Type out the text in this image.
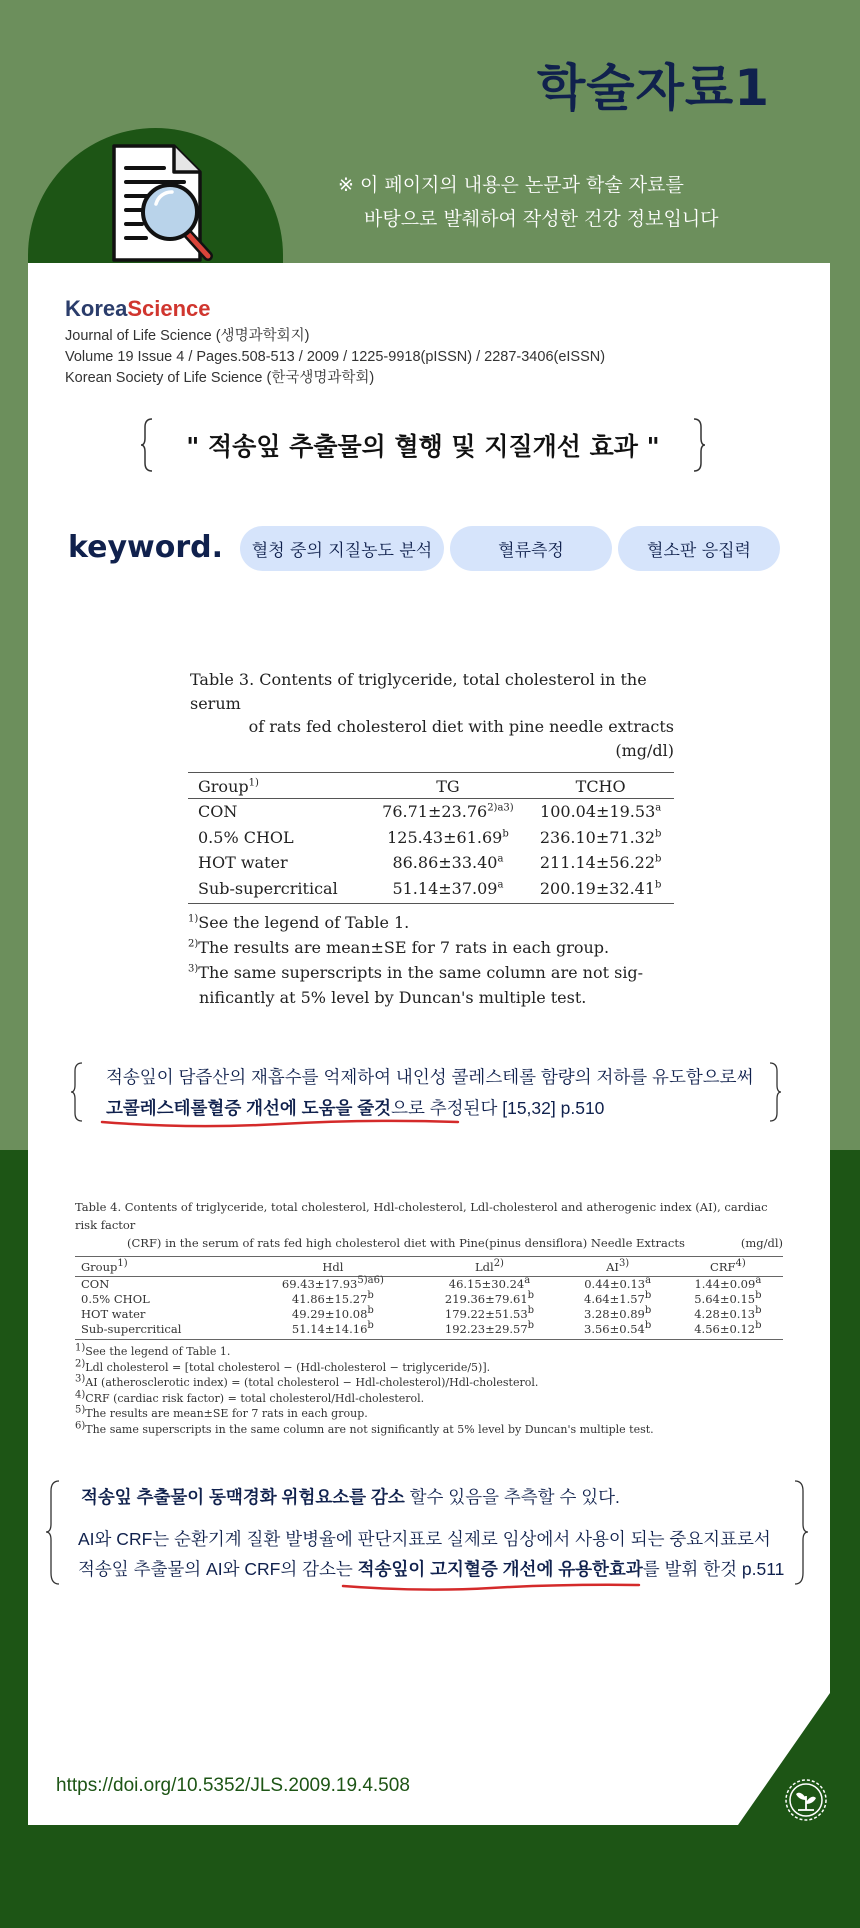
학술자료1
※ 이 페이지의 내용은 논문과 학술 자료를
바탕으로 발췌하여 작성한 건강 정보입니다
KoreaScience
Journal of Life Science (생명과학회지)
Volume 19 Issue 4 / Pages.508-513 / 2009 / 1225-9918(pISSN) / 2287-3406(eISSN)
Korean Society of Life Science (한국생명과학회)
" 적송잎 추출물의 혈행 및 지질개선 효과 "
keyword.	혈청 중의 지질농도 분석	혈류측정	혈소판 응집력
Table 3. Contents of triglyceride, total cholesterol in the serum
of rats fed cholesterol diet with pine needle extracts
(mg/dl)
Group$^{1)}$	TG	TCHO
CON	$76.71\pm 23.76^{2)a3)}$	100.04±19.53$^a$
0.5% CHOL	125.43±61.69$^b$	236.10±71.32$^b$
HOT water	86.86±33.40$^a$	211.14±56.22$^b$
Sub-supercritical	51.14±37.09$^a$	200.19±32.41$^b$
$^{1)}$See the legend of Table 1.
$^{2)}$The results are mean±SE for 7 rats in each group.
$^{3)}$The same superscripts in the same column are not sig-
nificantly at 5% level by Duncan's multiple test.
적송잎이 담즙산의 재흡수를 억제하여 내인성 콜레스테롤 함량의 저하를 유도함으로써
고콜레스테롤혈증 개선에 도움을 줄것으로 추정된다 [15,32] p.510
Table 4. Contents of triglyceride, total cholesterol, Hdl-cholesterol, Ldl-cholesterol and atherogenic index (AI), cardiac risk factor
(CRF) in the serum of rats fed high cholesterol diet with Pine(pinus densiflora) Needle Extracts	(mg/dl)
Group$^{1)}$	Hdl	Ldl$^{2)}$	AI$^{3)}$	CRF$^{4)}$
CON	$69.43\pm 17.93^{5)a6)}$	46.15±30.24$^a$	0.44±0.13$^a$	1.44±0.09$^a$
0.5% CHOL	41.86±15.27$^b$	219.36±79.61$^b$	4.64±1.57$^b$	5.64±0.15$^b$
HOT water	49.29±10.08$^b$	179.22±51.53$^b$	3.28±0.89$^b$	4.28±0.13$^b$
Sub-supercritical	51.14±14.16$^b$	192.23±29.57$^b$	3.56±0.54$^b$	4.56±0.12$^b$
$^{1)}$See the legend of Table 1.
$^{2)}$Ldl cholesterol = [total cholesterol − (Hdl-cholesterol − triglyceride/5)].
$^{3)}$AI (atherosclerotic index) = (total cholesterol − Hdl-cholesterol)/Hdl-cholesterol.
$^{4)}$CRF (cardiac risk factor) = total cholesterol/Hdl-cholesterol.
$^{5)}$The results are mean±SE for 7 rats in each group.
$^{6)}$The same superscripts in the same column are not significantly at 5% level by Duncan's multiple test.
적송잎 추출물이 동맥경화 위험요소를 감소 할수 있음을 추측할 수 있다.
AI와 CRF는 순환기계 질환 발병율에 판단지표로 실제로 임상에서 사용이 되는 중요지표로서
적송잎 추출물의 AI와 CRF의 감소는 적송잎이 고지혈증 개선에 유용한효과를 발휘 한것 p.511
https://doi.org/10.5352/JLS.2009.19.4.508
